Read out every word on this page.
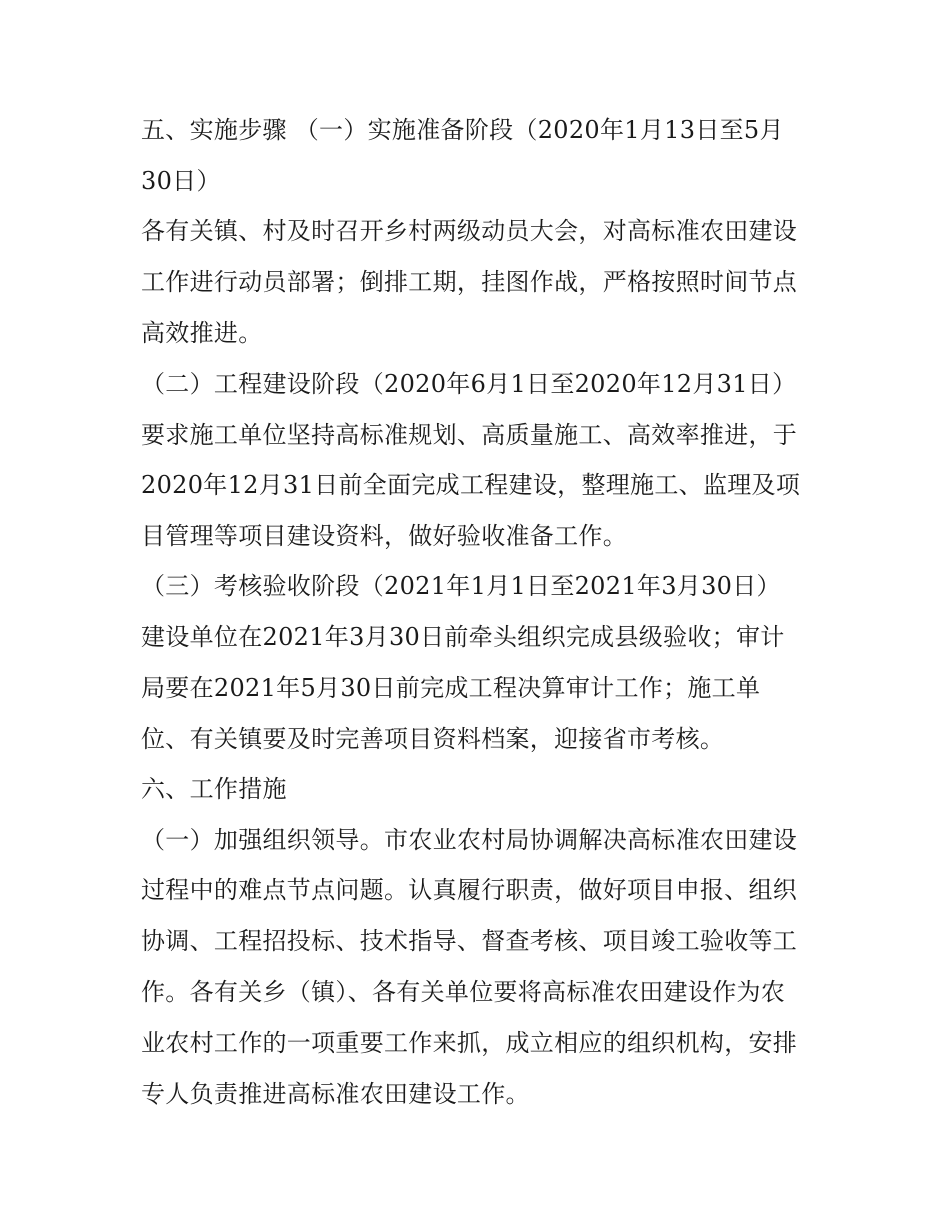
五、实施步骤 （一）实施准备阶段（2020年1月13日至5月
30日）
各有关镇、村及时召开乡村两级动员大会，对高标准农田建设
工作进行动员部署；倒排工期，挂图作战，严格按照时间节点
高效推进。
（二）工程建设阶段（2020年6月1日至2020年12月31日）
要求施工单位坚持高标准规划、高质量施工、高效率推进，于
2020年12月31日前全面完成工程建设，整理施工、监理及项
目管理等项目建设资料，做好验收准备工作。
（三）考核验收阶段（2021年1月1日至2021年3月30日）
建设单位在2021年3月30日前牵头组织完成县级验收；审计
局要在2021年5月30日前完成工程决算审计工作；施工单
位、有关镇要及时完善项目资料档案，迎接省市考核。
六、工作措施
（一）加强组织领导。市农业农村局协调解决高标准农田建设
过程中的难点节点问题。认真履行职责，做好项目申报、组织
协调、工程招投标、技术指导、督查考核、项目竣工验收等工
作。各有关乡（镇）、各有关单位要将高标准农田建设作为农
业农村工作的一项重要工作来抓，成立相应的组织机构，安排
专人负责推进高标准农田建设工作。
